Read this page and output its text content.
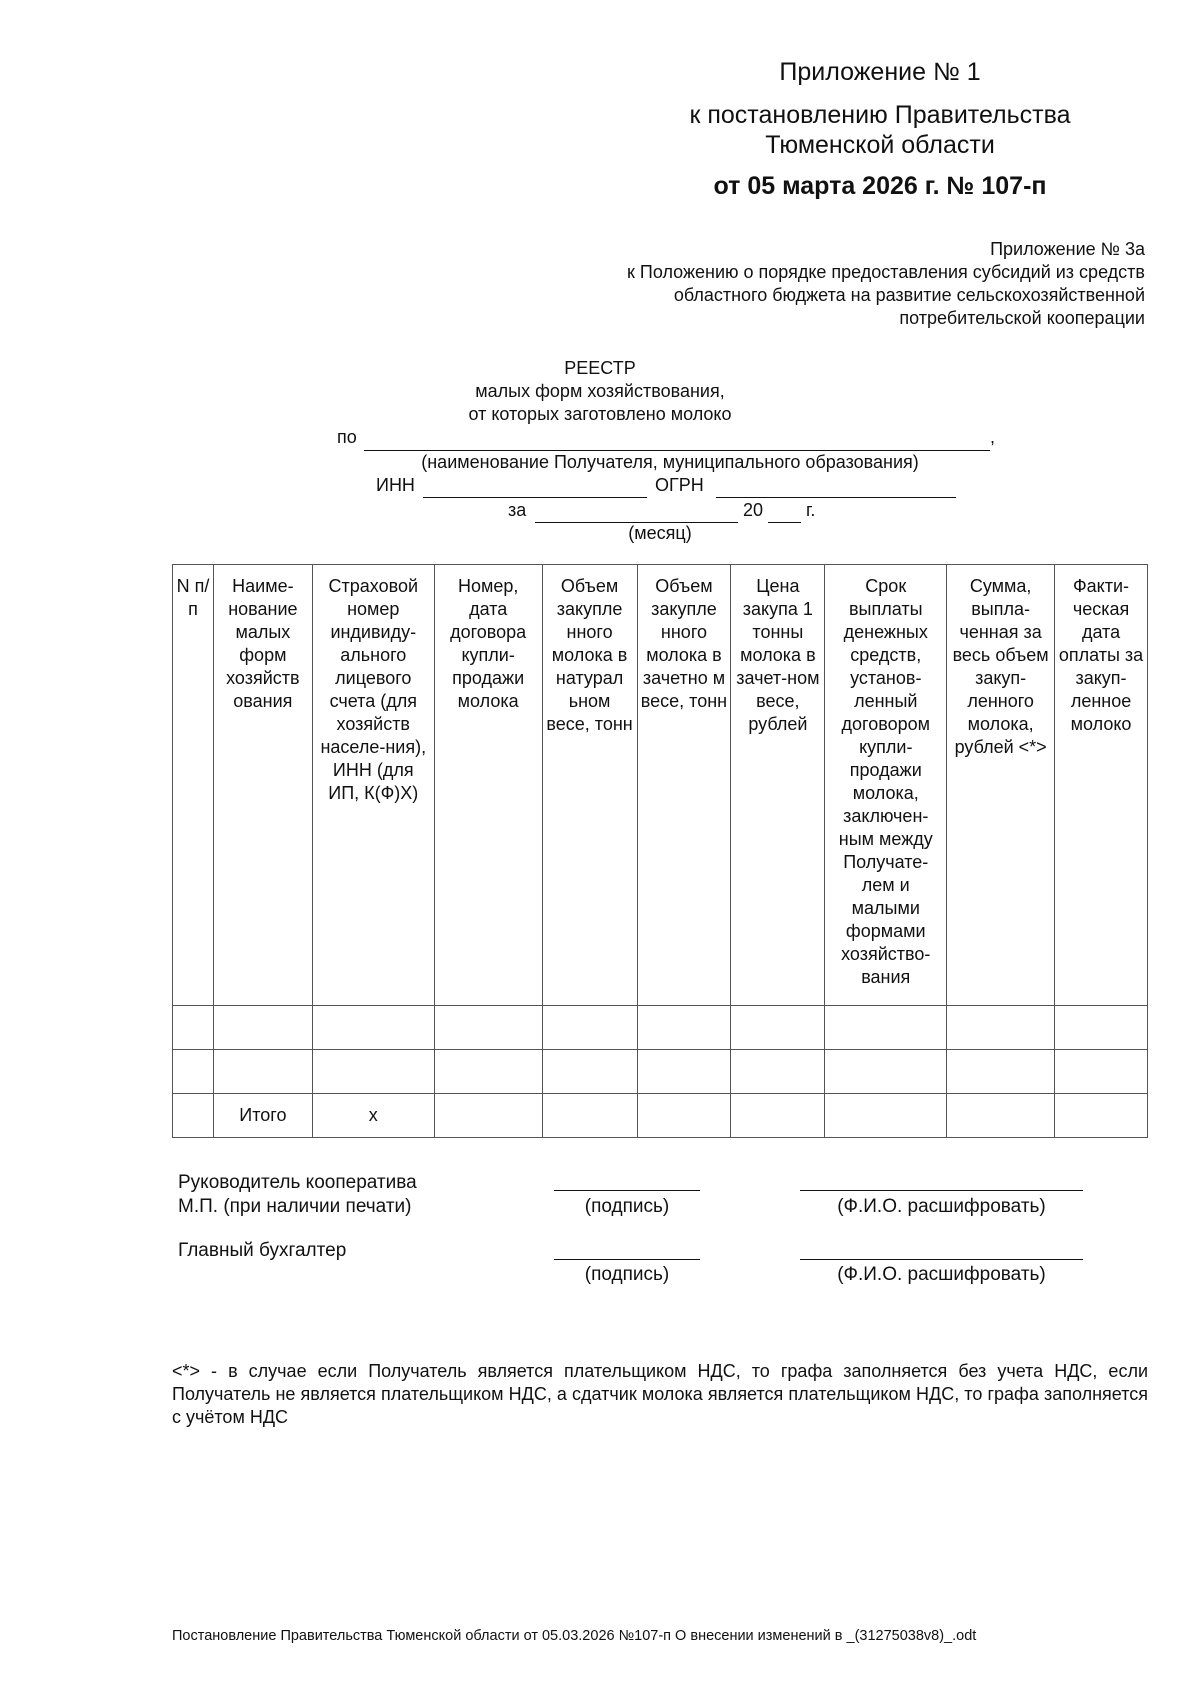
Приложение № 1
к постановлению Правительства Тюменской области
от 05 марта 2026 г. № 107-п
Приложение № 3а
к Положению о порядке предоставления субсидий из средств
областного бюджета на развитие сельскохозяйственной
потребительской кооперации
РЕЕСТР
малых форм хозяйствования,
от которых заготовлено молоко
по	,
(наименование Получателя, муниципального образования)
ИНН	ОГРН
за	20 г.
(месяц)
N п/п	Наиме-нование малых форм хозяйств ования	Страховой номер индивиду-ального лицевого счета (для хозяйств населе-ния), ИНН (для ИП, К(Ф)Х)	Номер, дата договора купли-продажи молока	Объем закупле нного молока в натурал ьном весе, тонн	Объем закупле нного молока в зачетно м весе, тонн	Цена закупа 1 тонны молока в зачет-ном весе, рублей	Срок выплаты денежных средств, установ-ленный договором купли-продажи молока, заключен-ным между Получате-лем и малыми формами хозяйство-вания	Сумма, выпла-ченная за весь объем закуп-ленного молока, рублей <*>	Факти-ческая дата оплаты за закуп-ленное молоко

	Итого	x							
Руководитель кооператива
М.П. (при наличии печати)	(подпись)	(Ф.И.О. расшифровать)
Главный бухгалтер
(подпись)	(Ф.И.О. расшифровать)
<*> - в случае если Получатель является плательщиком НДС, то графа заполняется без учета НДС, если Получатель не является плательщиком НДС, а сдатчик молока является плательщиком НДС, то графа заполняется с учётом НДС
Постановление Правительства Тюменской области от 05.03.2026 №107-п О внесении изменений в _(31275038v8)_.odt
